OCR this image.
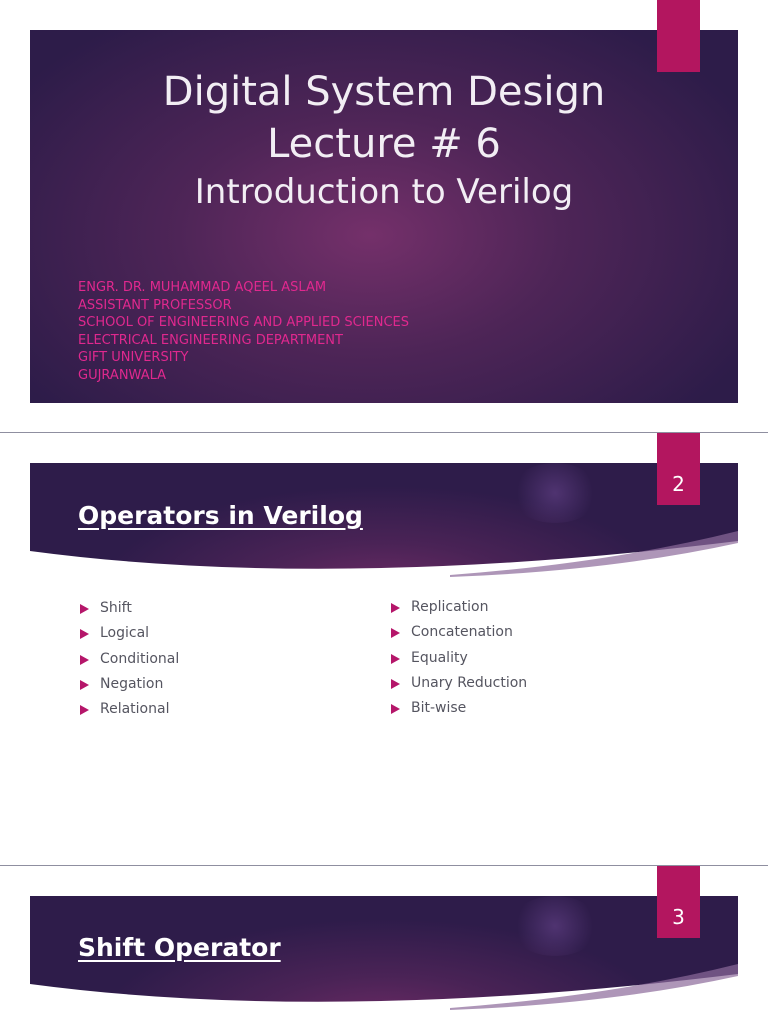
Digital System Design
Lecture # 6
Introduction to Verilog
ENGR. DR. MUHAMMAD AQEEL ASLAM
ASSISTANT PROFESSOR
SCHOOL OF ENGINEERING AND APPLIED SCIENCES
ELECTRICAL ENGINEERING DEPARTMENT
GIFT UNIVERSITY
GUJRANWALA
2
Operators in Verilog
Shift
Logical
Conditional
Negation
Relational
Replication
Concatenation
Equality
Unary Reduction
Bit-wise
3
Shift Operator
